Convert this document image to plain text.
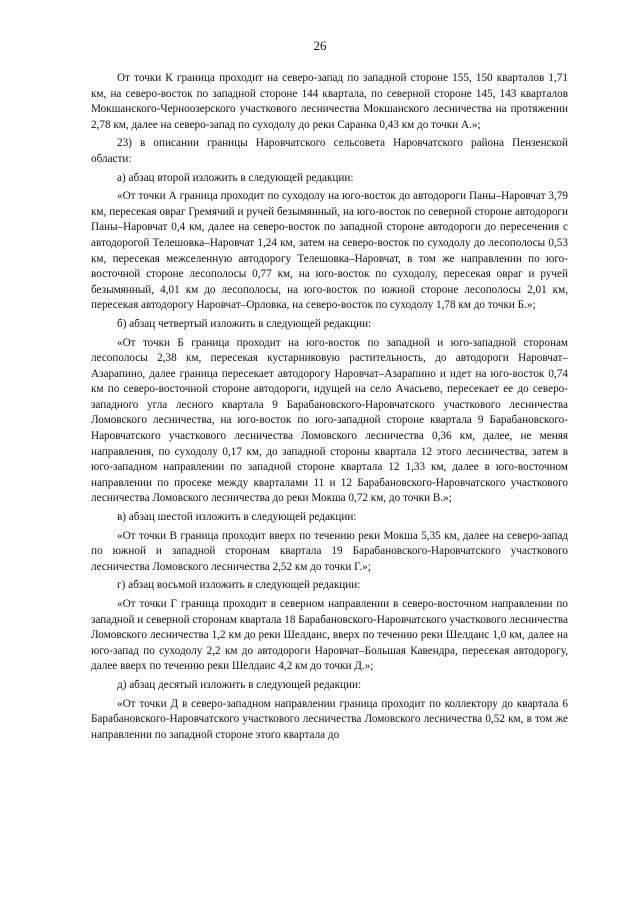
26

От точки К граница проходит на северо-запад по западной стороне 155, 150 кварталов 1,71 км, на северо-восток по западной стороне 144 квартала, по северной стороне 145, 143 кварталов Мокшанского-Черноозерского участкового лесничества Мокшанского лесничества на протяжении 2,78 км, далее на северо-запад по суходолу до реки Саранка 0,43 км до точки А.»;

23) в описании границы Наровчатского сельсовета Наровчатского района Пензенской области:

а) абзац второй изложить в следующей редакции:

«От точки А граница проходит по суходолу на юго-восток до автодороги Паны–Наровчат 3,79 км, пересекая овраг Гремячий и ручей безымянный, на юго-восток по северной стороне автодороги Паны–Наровчат 0,4 км, далее на северо-восток по западной стороне автодороги до пересечения с автодорогой Телешовка–Наровчат 1,24 км, затем на северо-восток по суходолу до лесополосы 0,53 км, пересекая межселенную автодорогу Телешовка–Наровчат, в том же направлении по юго-восточной стороне лесополосы 0,77 км, на юго-восток по суходолу, пересекая овраг и ручей безымянный, 4,01 км до лесополосы, на юго-восток по южной стороне лесополосы 2,01 км, пересекая автодорогу Наровчат–Орловка, на северо-восток по суходолу 1,78 км до точки Б.»;

б) абзац четвертый изложить в следующей редакции:

«От точки Б граница проходит на юго-восток по западной и юго-западной сторонам лесополосы 2,38 км, пересекая кустарниковую растительность, до автодороги Наровчат–Азарапино, далее граница пересекает автодорогу Наровчат–Азарапино и идет на юго-восток 0,74 км по северо-восточной стороне автодороги, идущей на село Ачасьево, пересекает ее до северо-западного угла лесного квартала 9 Барабановского-Наровчатского участкового лесничества Ломовского лесничества, на юго-восток по юго-западной стороне квартала 9 Барабановского-Наровчатского участкового лесничества Ломовского лесничества 0,36 км, далее, не меняя направления, по суходолу 0,17 км, до западной стороны квартала 12 этого лесничества, затем в юго-западном направлении по западной стороне квартала 12 1,33 км, далее в юго-восточном направлении по просеке между кварталами 11 и 12 Барабановского-Наровчатского участкового лесничества Ломовского лесничества до реки Мокша 0,72 км, до точки В.»;

в) абзац шестой изложить в следующей редакции:

«От точки В граница проходит вверх по течению реки Мокша 5,35 км, далее на северо-запад по южной и западной сторонам квартала 19 Барабановского-Наровчатского участкового лесничества Ломовского лесничества 2,52 км до точки Г.»;

г) абзац восьмой изложить в следующей редакции:

«От точки Г граница проходит в северном направлении в северо-восточном направлении по западной и северной сторонам квартала 18 Барабановского-Наровчатского участкового лесничества Ломовского лесничества 1,2 км до реки Шелдаис, вверх по течению реки Шелдаис 1,0 км, далее на юго-запад по суходолу 2,2 км до автодороги Наровчат–Большая Кавендра, пересекая автодорогу, далее вверх по течению реки Шелдаис 4,2 км до точки Д.»;

д) абзац десятый изложить в следующей редакции:

«От точки Д в северо-западном направлении граница проходит по коллектору до квартала 6 Барабановского-Наровчатского участкового лесничества Ломовского лесничества 0,52 км, в том же направлении по западной стороне этого квартала до
